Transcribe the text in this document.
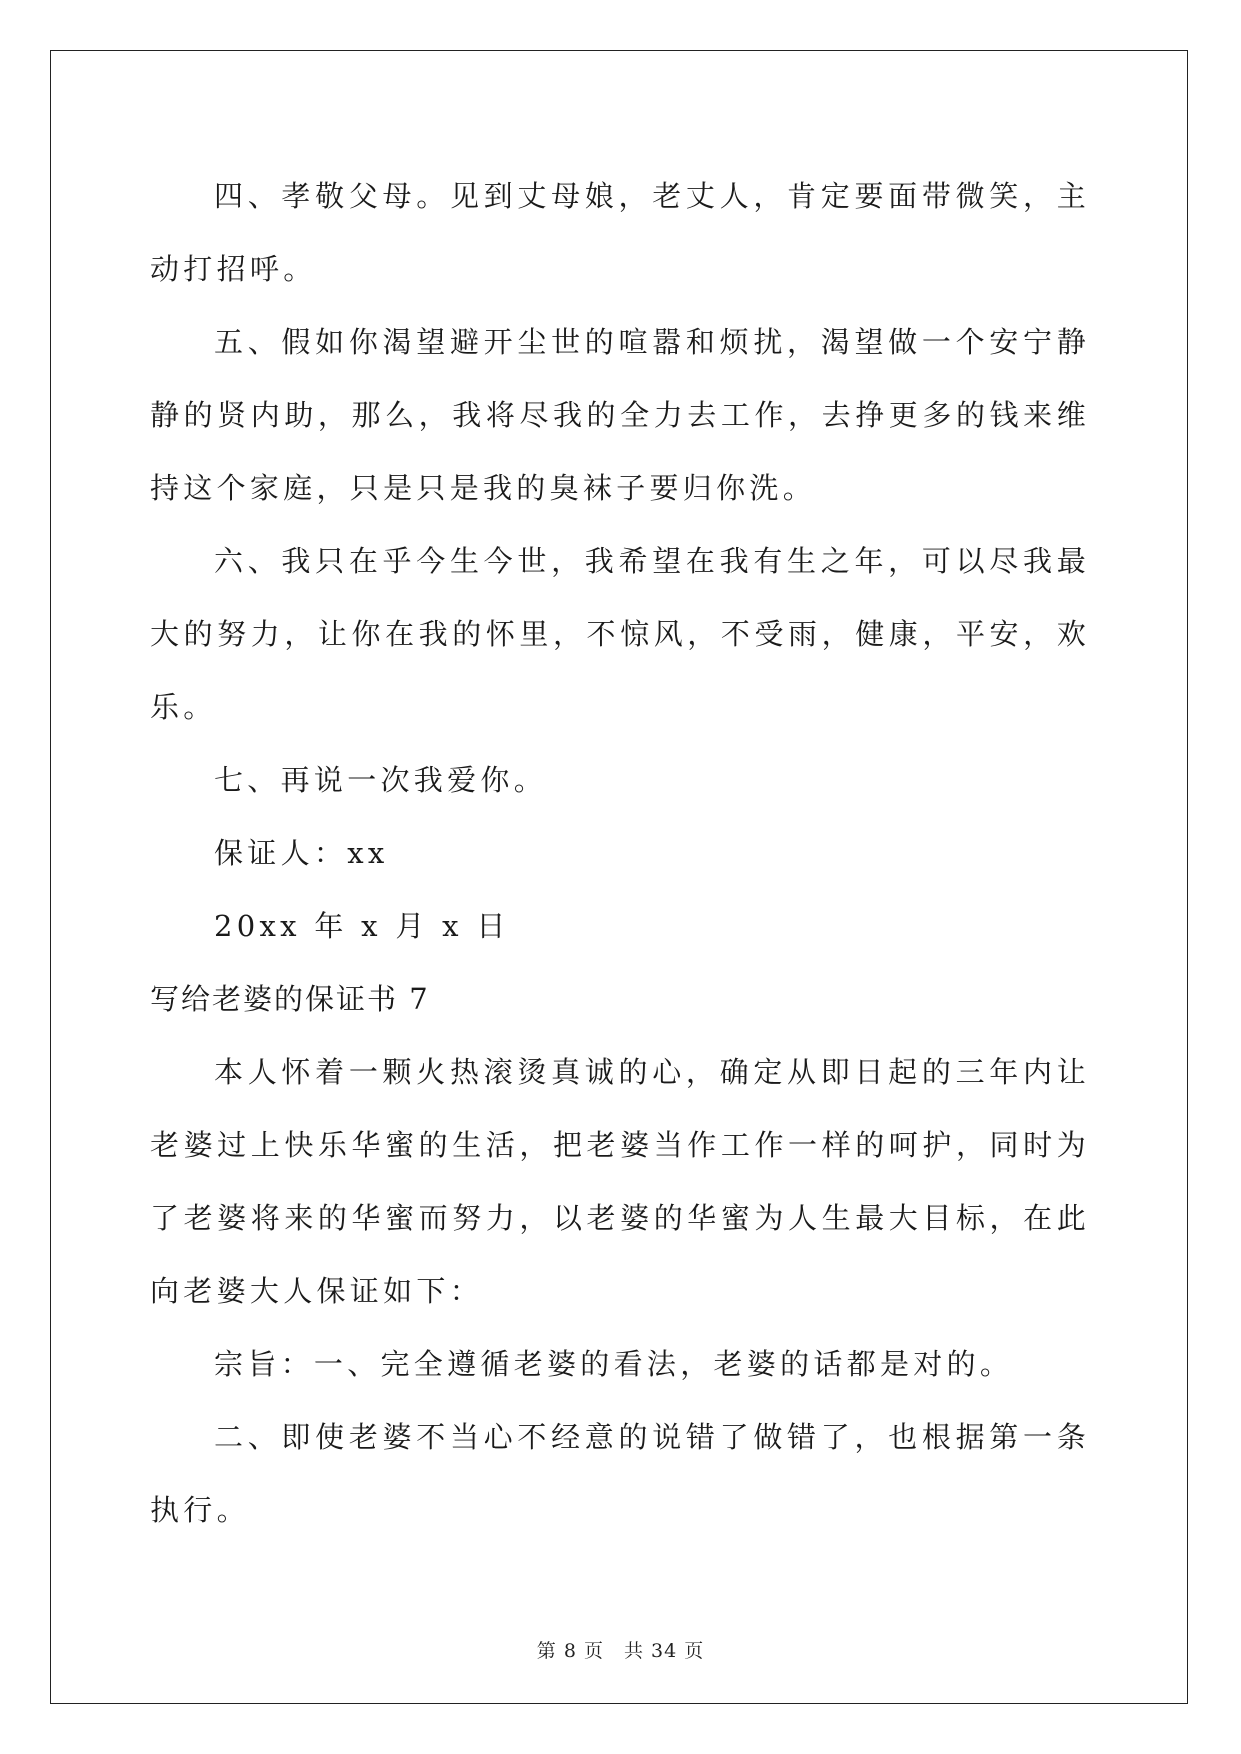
四、孝敬父母。见到丈母娘，老丈人，肯定要面带微笑，主动打招呼。

五、假如你渴望避开尘世的喧嚣和烦扰，渴望做一个安宁静静的贤内助，那么，我将尽我的全力去工作，去挣更多的钱来维持这个家庭，只是只是我的臭袜子要归你洗。

六、我只在乎今生今世，我希望在我有生之年，可以尽我最大的努力，让你在我的怀里，不惊风，不受雨，健康，平安，欢乐。

七、再说一次我爱你。

保证人：xx

20xx 年 x 月 x 日

写给老婆的保证书 7

本人怀着一颗火热滚烫真诚的心，确定从即日起的三年内让老婆过上快乐华蜜的生活，把老婆当作工作一样的呵护，同时为了老婆将来的华蜜而努力，以老婆的华蜜为人生最大目标，在此向老婆大人保证如下：

宗旨：一、完全遵循老婆的看法，老婆的话都是对的。

二、即使老婆不当心不经意的说错了做错了，也根据第一条执行。

第 8 页　共 34 页
